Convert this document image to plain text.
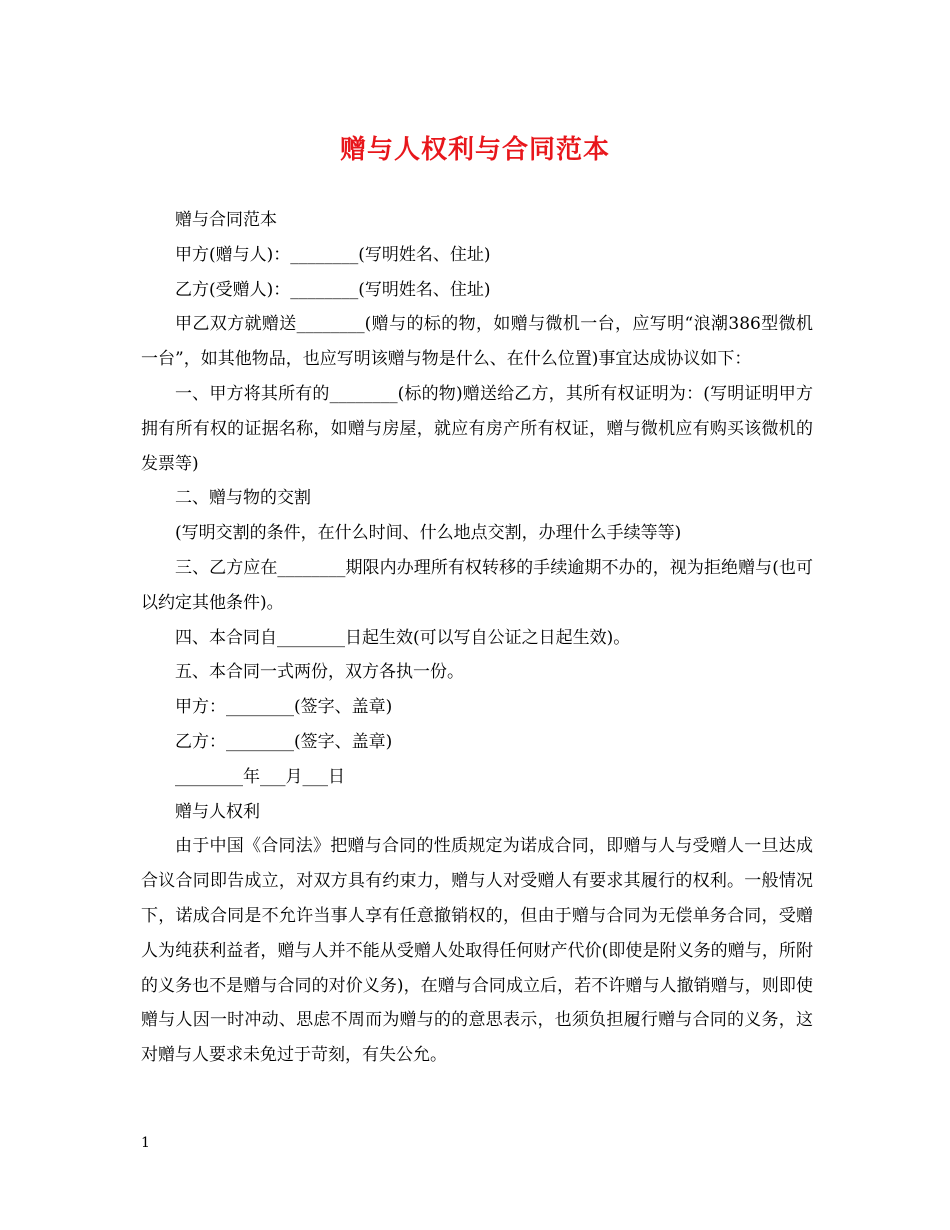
赠与人权利与合同范本

赠与合同范本

甲方(赠与人)：________(写明姓名、住址)

乙方(受赠人)：________(写明姓名、住址)

甲乙双方就赠送________(赠与的标的物，如赠与微机一台，应写明“浪潮386型微机一台”，如其他物品，也应写明该赠与物是什么、在什么位置)事宜达成协议如下：

一、甲方将其所有的________(标的物)赠送给乙方，其所有权证明为：(写明证明甲方拥有所有权的证据名称，如赠与房屋，就应有房产所有权证，赠与微机应有购买该微机的发票等)

二、赠与物的交割

(写明交割的条件，在什么时间、什么地点交割，办理什么手续等等)

三、乙方应在________期限内办理所有权转移的手续逾期不办的，视为拒绝赠与(也可以约定其他条件)。

四、本合同自________日起生效(可以写自公证之日起生效)。

五、本合同一式两份，双方各执一份。

甲方：________(签字、盖章)

乙方：________(签字、盖章)

________年___月___日

赠与人权利

由于中国《合同法》把赠与合同的性质规定为诺成合同，即赠与人与受赠人一旦达成合议合同即告成立，对双方具有约束力，赠与人对受赠人有要求其履行的权利。一般情况下，诺成合同是不允许当事人享有任意撤销权的，但由于赠与合同为无偿单务合同，受赠人为纯获利益者，赠与人并不能从受赠人处取得任何财产代价(即使是附义务的赠与，所附的义务也不是赠与合同的对价义务)，在赠与合同成立后，若不许赠与人撤销赠与，则即使赠与人因一时冲动、思虑不周而为赠与的的意思表示，也须负担履行赠与合同的义务，这对赠与人要求未免过于苛刻，有失公允。

1
